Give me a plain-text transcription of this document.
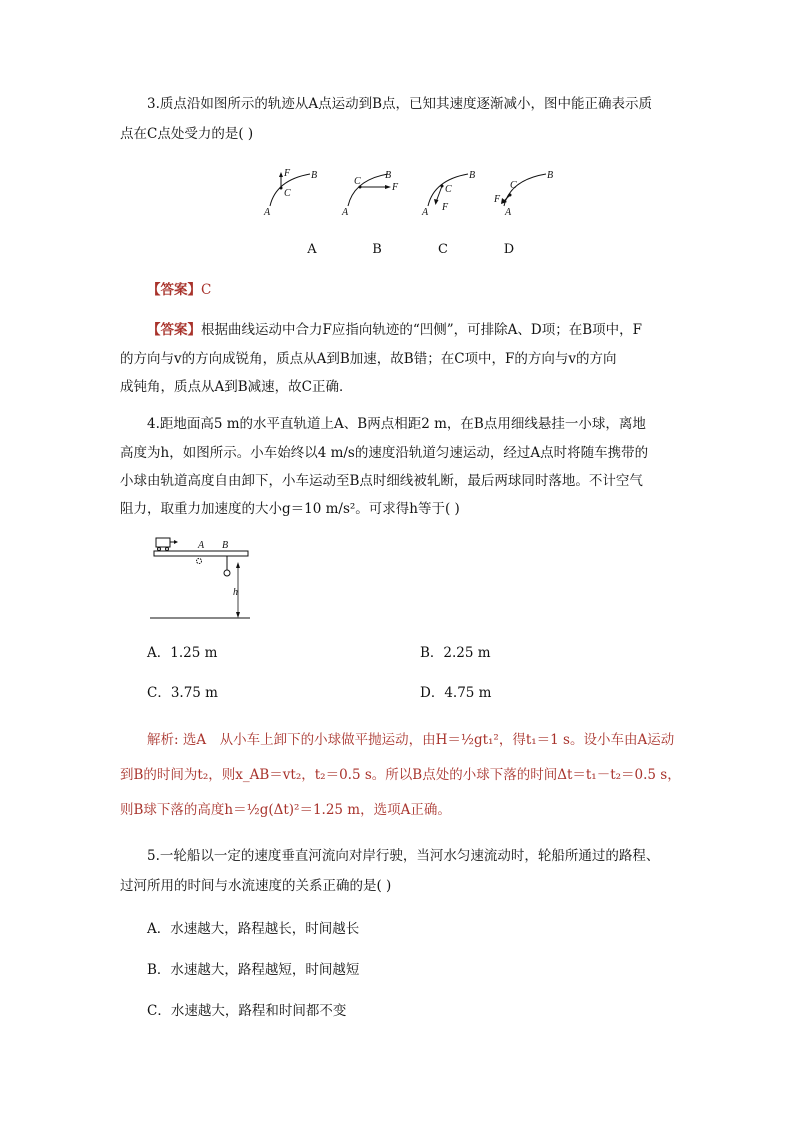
3.质点沿如图所示的轨迹从A点运动到B点，已知其速度逐渐减小，图中能正确表示质
点在C点处受力的是( )
F
C
B
A
F
C
B
A	F
C
B
A
F
C
B
A
A	B	C	D
【答案】C
【答案】根据曲线运动中合力F应指向轨迹的“凹侧”，可排除A、D项；在B项中，F
的方向与v的方向成锐角，质点从A到B加速，故B错；在C项中，F的方向与v的方向
成钝角，质点从A到B减速，故C正确．
4.距地面高5 m的水平直轨道上A、B两点相距2 m，在B点用细线悬挂一小球，离地
高度为h，如图所示。小车始终以4 m/s的速度沿轨道匀速运动，经过A点时将随车携带的
小球由轨道高度自由卸下，小车运动至B点时细线被轧断，最后两球同时落地。不计空气
阻力，取重力加速度的大小g＝10 m/s²。可求得h等于( )
A B
h
A．1.25 m	B．2.25 m
C．3.75 m	D．4.75 m
解析: 选A　从小车上卸下的小球做平抛运动，由H＝½gt₁²，得t₁＝1 s。设小车由A运动
到B的时间为t₂，则x_AB＝vt₂，t₂＝0.5 s。所以B点处的小球下落的时间Δt＝t₁－t₂＝0.5 s，
则B球下落的高度h＝½g(Δt)²＝1.25 m，选项A正确。
5.一轮船以一定的速度垂直河流向对岸行驶，当河水匀速流动时，轮船所通过的路程、
过河所用的时间与水流速度的关系正确的是( )
A．水速越大，路程越长，时间越长
B．水速越大，路程越短，时间越短
C．水速越大，路程和时间都不变
